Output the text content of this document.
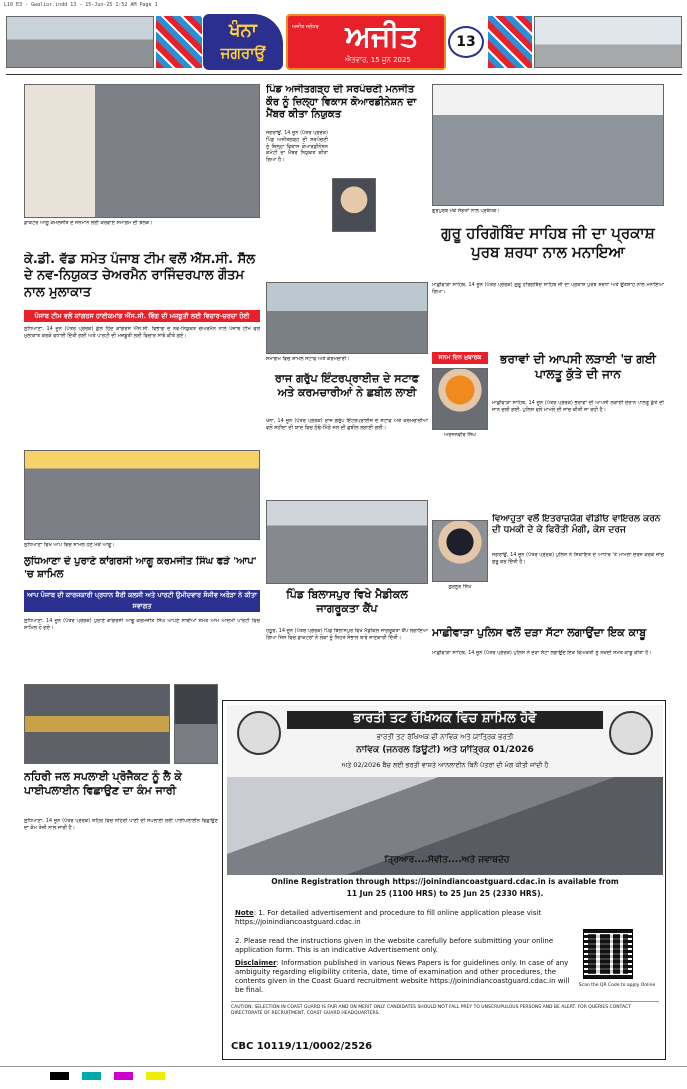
L10 E3 - Gwalior.indd 13 - 15-Jun-25 1:52 AM Page 1
ਖੰਨਾ
ਜਗਰਾਉਂ
ਅਜੀਤ ਜਲੰਧਰ ਅਜੀਤ
ਐਤਵਾਰ, 15 ਜੂਨ 2025
13
ਡਾਕਟਰ ਆਗੂ ਕਮਲਜੀਤ ਦੇ ਸਨਮਾਨ ਲਈ ਕਰਵਾਏ ਸਮਾਗਮ ਦੀ ਝਲਕ।
ਕੇ.ਡੀ. ਵੱਡ ਸਮੇਤ ਪੰਜਾਬ ਟੀਮ ਵਲੋਂ ਐੱਸ.ਸੀ. ਸੈੱਲ ਦੇ ਨਵ-ਨਿਯੁਕਤ ਚੇਅਰਮੈਨ ਰਾਜਿੰਦਰਪਾਲ ਗੌਤਮ ਨਾਲ ਮੁਲਾਕਾਤ
ਪੰਜਾਬ ਟੀਮ ਵਲੋਂ ਕਾਂਗਰਸ ਹਾਈਕਮਾਂਡ ਐੱਸ.ਸੀ. ਵਿੰਗ ਦੀ ਮਜ਼ਬੂਤੀ ਲਈ ਵਿਚਾਰ-ਚਰਚਾ ਹੋਈ
ਲੁਧਿਆਣਾ, 14 ਜੂਨ (ਪੱਤਰ ਪ੍ਰੇਰਕ) ਕੁੱਲ ਹਿੰਦ ਕਾਂਗਰਸ ਐੱਸ.ਸੀ. ਵਿਭਾਗ ਦੇ ਨਵ-ਨਿਯੁਕਤ ਚੇਅਰਮੈਨ ਨਾਲ ਪੰਜਾਬ ਟੀਮ ਵਲੋਂ ਮੁਲਾਕਾਤ ਕਰਕੇ ਵਧਾਈ ਦਿੱਤੀ ਗਈ ਅਤੇ ਪਾਰਟੀ ਦੀ ਮਜ਼ਬੂਤੀ ਲਈ ਵਿਚਾਰ ਸਾਂਝੇ ਕੀਤੇ ਗਏ।
ਪਿੰਡ ਅਜੀਤਗੜ੍ਹ ਦੀ ਸਰਪੰਚਣੀ ਮਨਜੀਤ ਕੌਰ ਨੂੰ ਜ਼ਿਲ੍ਹਾ ਵਿਕਾਸ ਕੋਆਰਡੀਨੇਸ਼ਨ ਦਾ ਮੈਂਬਰ ਕੀਤਾ ਨਿਯੁਕਤ
ਜਗਰਾਉਂ, 14 ਜੂਨ (ਪੱਤਰ ਪ੍ਰੇਰਕ) ਪਿੰਡ ਅਜੀਤਗੜ੍ਹ ਦੀ ਸਰਪੰਚਣੀ ਨੂੰ ਜ਼ਿਲ੍ਹਾ ਵਿਕਾਸ ਕੋਆਰਡੀਨੇਸ਼ਨ ਕਮੇਟੀ ਦਾ ਮੈਂਬਰ ਨਿਯੁਕਤ ਕੀਤਾ ਗਿਆ ਹੈ।
ਗੁਰਪੁਰਬ ਮੌਕੇ ਸੰਗਤਾਂ ਨਾਲ ਪ੍ਰਬੰਧਕ।
ਗੁਰੂ ਹਰਿਗੋਬਿੰਦ ਸਾਹਿਬ ਜੀ ਦਾ ਪ੍ਰਕਾਸ਼ ਪੁਰਬ ਸ਼ਰਧਾ ਨਾਲ ਮਨਾਇਆ
ਮਾਛੀਵਾੜਾ ਸਾਹਿਬ, 14 ਜੂਨ (ਪੱਤਰ ਪ੍ਰੇਰਕ) ਗੁਰੂ ਹਰਿਗੋਬਿੰਦ ਸਾਹਿਬ ਜੀ ਦਾ ਪ੍ਰਕਾਸ਼ ਪੁਰਬ ਸ਼ਰਧਾ ਅਤੇ ਉਤਸ਼ਾਹ ਨਾਲ ਮਨਾਇਆ ਗਿਆ।
ਸਮਾਗਮ ਵਿਚ ਸ਼ਾਮਲ ਸਟਾਫ ਅਤੇ ਕਰਮਚਾਰੀ।
ਰਾਜ ਗਰੁੱਪ ਇੰਟਰਪ੍ਰਾਈਜ਼ ਦੇ ਸਟਾਫ ਅਤੇ ਕਰਮਚਾਰੀਆਂ ਨੇ ਛਬੀਲ ਲਾਈ
ਖੰਨਾ, 14 ਜੂਨ (ਪੱਤਰ ਪ੍ਰੇਰਕ) ਰਾਜ ਗਰੁੱਪ ਇੰਟਰਪ੍ਰਾਈਜ਼ ਦੇ ਸਟਾਫ ਅਤੇ ਕਰਮਚਾਰੀਆਂ ਵਲੋਂ ਸ਼ਹੀਦਾਂ ਦੀ ਯਾਦ ਵਿਚ ਠੰਢੇ-ਮਿੱਠੇ ਜਲ ਦੀ ਛਬੀਲ ਲਗਾਈ ਗਈ।
ਜਨਮ ਦਿਨ ਮੁਬਾਰਕ
ਅਰਜਨਵੀਰ ਸਿੰਘ
ਗੁਰਨੂਰ ਸਿੰਘ
ਭਰਾਵਾਂ ਦੀ ਆਪਸੀ ਲੜਾਈ 'ਚ ਗਈ ਪਾਲਤੂ ਕੁੱਤੇ ਦੀ ਜਾਨ
ਮਾਛੀਵਾੜਾ ਸਾਹਿਬ, 14 ਜੂਨ (ਪੱਤਰ ਪ੍ਰੇਰਕ) ਭਰਾਵਾਂ ਦੀ ਆਪਸੀ ਲੜਾਈ ਦੌਰਾਨ ਪਾਲਤੂ ਕੁੱਤੇ ਦੀ ਜਾਨ ਚਲੀ ਗਈ, ਪੁਲਿਸ ਵਲੋਂ ਮਾਮਲੇ ਦੀ ਜਾਂਚ ਕੀਤੀ ਜਾ ਰਹੀ ਹੈ।
ਲੁਧਿਆਣਾ ਵਿਖੇ ਆਪ ਵਿਚ ਸ਼ਾਮਲ ਹੋਣ ਮੌਕੇ ਆਗੂ।
ਲੁਧਿਆਣਾ ਦੇ ਪੁਰਾਣੇ ਕਾਂਗਰਸੀ ਆਗੂ ਕਰਮਜੀਤ ਸਿੰਘ ਫੜੇ 'ਆਪ' 'ਚ ਸ਼ਾਮਿਲ
ਆਪ ਪੰਜਾਬ ਦੀ ਕਾਰਜਕਾਰੀ ਪ੍ਰਧਾਨ ਸ਼ੈਰੀ ਕਲਸੀ ਅਤੇ ਪਾਰਟੀ ਉਮੀਦਵਾਰ ਸੰਜੀਵ ਅਰੋੜਾ ਨੇ ਕੀਤਾ ਸਵਾਗਤ
ਲੁਧਿਆਣਾ, 14 ਜੂਨ (ਪੱਤਰ ਪ੍ਰੇਰਕ) ਪੁਰਾਣੇ ਕਾਂਗਰਸੀ ਆਗੂ ਕਰਮਜੀਤ ਸਿੰਘ ਆਪਣੇ ਸਾਥੀਆਂ ਸਮੇਤ ਆਮ ਆਦਮੀ ਪਾਰਟੀ ਵਿਚ ਸ਼ਾਮਿਲ ਹੋ ਗਏ।
ਪਿੰਡ ਬਿਲਾਸਪੁਰ ਵਿਖੇ ਮੈਡੀਕਲ ਜਾਗਰੂਕਤਾ ਕੈਂਪ
ਹਠੂਰ, 14 ਜੂਨ (ਪੱਤਰ ਪ੍ਰੇਰਕ) ਪਿੰਡ ਬਿਲਾਸਪੁਰ ਵਿਖੇ ਮੈਡੀਕਲ ਜਾਗਰੂਕਤਾ ਕੈਂਪ ਲਗਾਇਆ ਗਿਆ ਜਿਸ ਵਿਚ ਡਾਕਟਰਾਂ ਨੇ ਲੋਕਾਂ ਨੂੰ ਸਿਹਤ ਸੰਭਾਲ ਬਾਰੇ ਜਾਣਕਾਰੀ ਦਿੱਤੀ।
ਵਿਆਹੁਤਾ ਵਲੋਂ ਇਤਰਾਜ਼ਯੋਗ ਵੀਡੀਓ ਵਾਇਰਲ ਕਰਨ ਦੀ ਧਮਕੀ ਦੇ ਕੇ ਫਿਰੌਤੀ ਮੰਗੀ, ਕੇਸ ਦਰਜ
ਜਗਰਾਉਂ, 14 ਜੂਨ (ਪੱਤਰ ਪ੍ਰੇਰਕ) ਪੁਲਿਸ ਨੇ ਸ਼ਿਕਾਇਤ ਦੇ ਆਧਾਰ 'ਤੇ ਮਾਮਲਾ ਦਰਜ ਕਰਕੇ ਜਾਂਚ ਸ਼ੁਰੂ ਕਰ ਦਿੱਤੀ ਹੈ।
ਮਾਛੀਵਾੜਾ ਪੁਲਿਸ ਵਲੋਂ ਦੜਾ ਸੱਟਾ ਲਗਾਉਂਦਾ ਇਕ ਕਾਬੂ
ਮਾਛੀਵਾੜਾ ਸਾਹਿਬ, 14 ਜੂਨ (ਪੱਤਰ ਪ੍ਰੇਰਕ) ਪੁਲਿਸ ਨੇ ਦੜਾ ਸੱਟਾ ਲਗਾਉਂਦੇ ਇਕ ਵਿਅਕਤੀ ਨੂੰ ਨਕਦੀ ਸਮੇਤ ਕਾਬੂ ਕੀਤਾ ਹੈ।
ਨਹਿਰੀ ਜਲ ਸਪਲਾਈ ਪ੍ਰੋਜੈਕਟ ਨੂੰ ਲੈ ਕੇ ਪਾਈਪਲਾਈਨ ਵਿਛਾਉਣ ਦਾ ਕੰਮ ਜਾਰੀ
ਲੁਧਿਆਣਾ, 14 ਜੂਨ (ਪੱਤਰ ਪ੍ਰੇਰਕ) ਸ਼ਹਿਰ ਵਿਚ ਨਹਿਰੀ ਪਾਣੀ ਦੀ ਸਪਲਾਈ ਲਈ ਪਾਈਪਲਾਈਨ ਵਿਛਾਉਣ ਦਾ ਕੰਮ ਤੇਜ਼ੀ ਨਾਲ ਜਾਰੀ ਹੈ।
ਭਾਰਤੀ ਤਟ ਰੱਖਿਅਕ ਵਿਚ ਸ਼ਾਮਿਲ ਹੋਵੋ
ਭਾਰਤੀ ਤਟ ਰੱਖਿਅਕ ਦੀ ਨਾਵਿਕ ਅਤੇ ਯਾਂਤ੍ਰਿਕ ਭਰਤੀ
ਨਾਵਿਕ (ਜਨਰਲ ਡਿਊਟੀ) ਅਤੇ ਯਾਂਤ੍ਰਿਕ 01/2026
ਅਤੇ 02/2026 ਬੈਚ ਲਈ ਭਰਤੀ ਵਾਸਤੇ ਆਨਲਾਈਨ ਬਿਨੈ ਪੱਤਰਾਂ ਦੀ ਮੰਗ ਕੀਤੀ ਜਾਂਦੀ ਹੈ
ਤ੍ਰਿਆਰ....ਸੇਵੀਤ....ਅਤੇ ਜਵਾਬਦੇਹ
Online Registration through https://joinindiancoastguard.cdac.in is available from
11 Jun 25 (1100 HRS) to 25 Jun 25 (2330 HRS).
Note: 1. For detailed advertisement and procedure to fill online application please visit https://joinindiancoastguard.cdac.in
2. Please read the instructions given in the website carefully before submitting your online application form. This is an indicative Advertisement only.
Disclaimer: Information published in various News Papers is for guidelines only. In case of any ambiguity regarding eligibility criteria, date, time of examination and other procedures, the contents given in the Coast Guard recruitment website https://joinindiancoastguard.cdac.in will be final.
Scan the QR Code to apply Online
CAUTION: SELECTION IN COAST GUARD IS FAIR AND ON MERIT ONLY. CANDIDATES SHOULD NOT FALL PREY TO UNSCRUPULOUS PERSONS AND BE ALERT. FOR QUERIES CONTACT DIRECTORATE OF RECRUITMENT, COAST GUARD HEADQUARTERS.
CBC 10119/11/0002/2526
